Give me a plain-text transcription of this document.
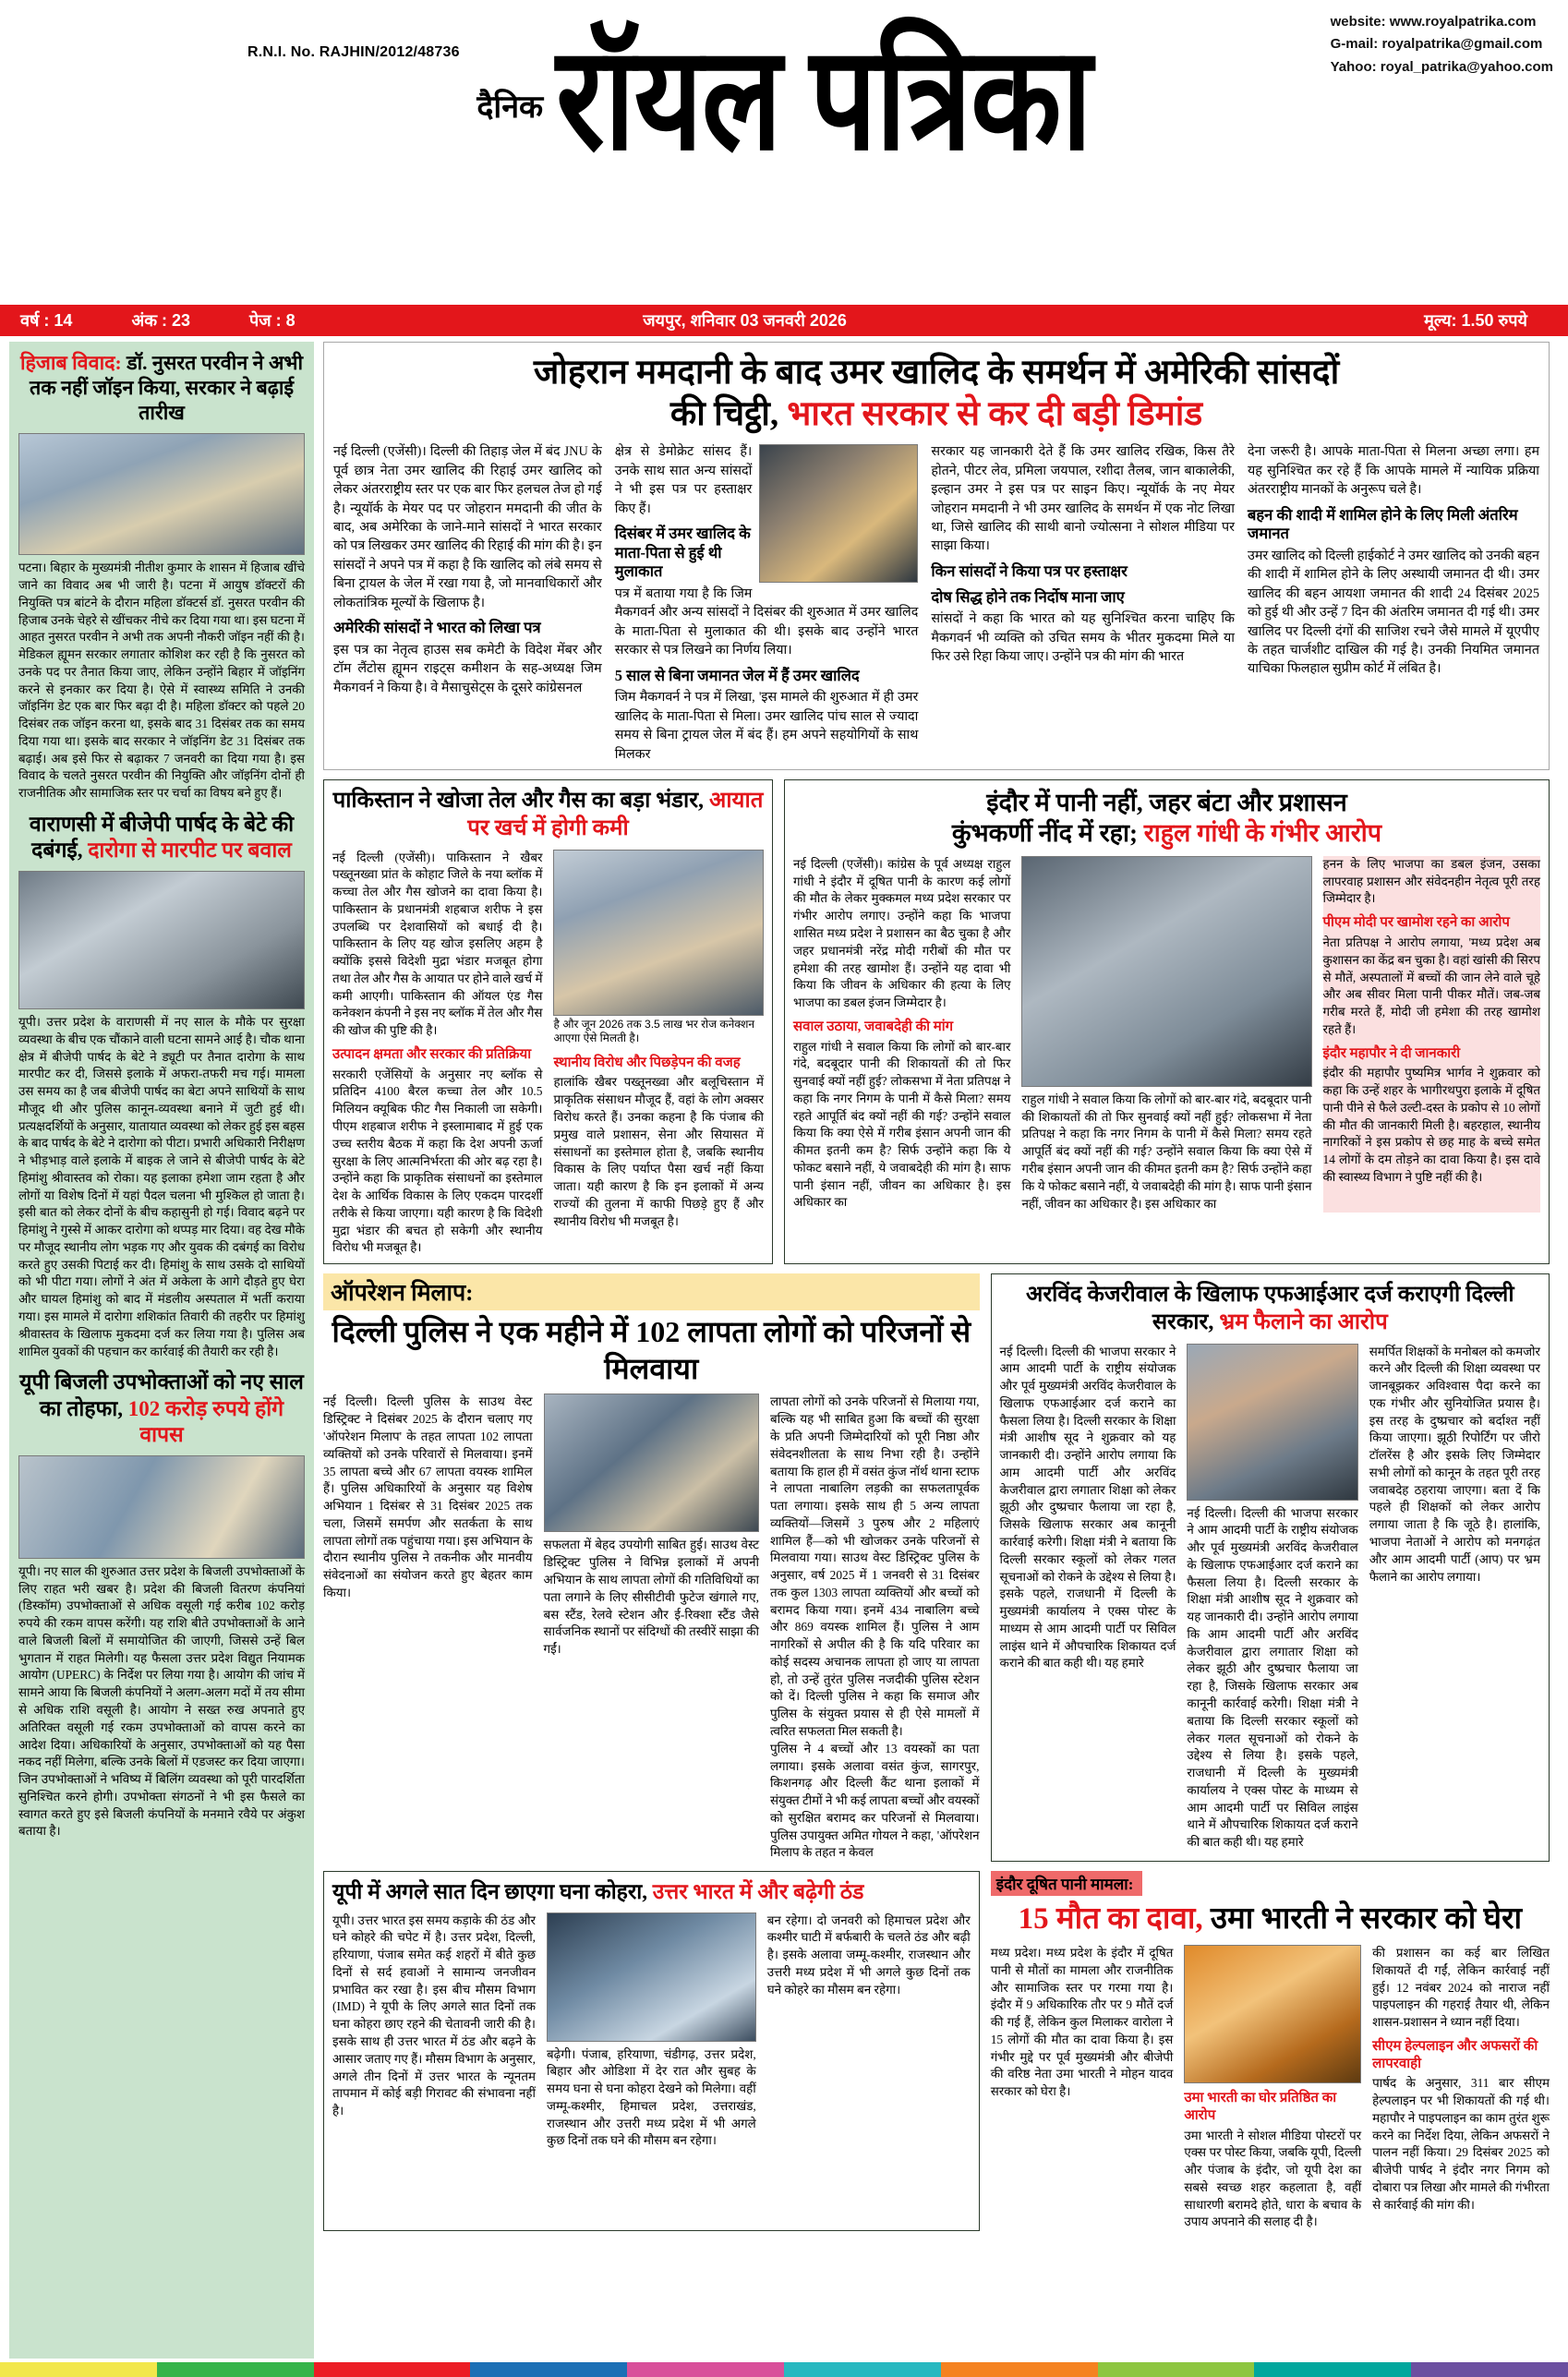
website: www.royalpatrika.com
G-mail: royalpatrika@gmail.com
Yahoo: royal_patrika@yahoo.com
R.N.I. No. RAJHIN/2012/48736
दैनिक रॉयल पत्रिका
वर्ष : 14	अंक : 23	पेज : 8	जयपुर, शनिवार 03 जनवरी 2026	मूल्य: 1.50 रुपये
हिजाब विवाद: डॉ. नुसरत परवीन ने अभी तक नहीं जॉइन किया, सरकार ने बढ़ाई तारीख
पटना। बिहार के मुख्यमंत्री नीतीश कुमार के शासन में हिजाब खींचे जाने का विवाद अब भी जारी है। पटना में आयुष डॉक्टरों की नियुक्ति पत्र बांटने के दौरान महिला डॉक्टर्स डॉ. नुसरत परवीन की हिजाब उनके चेहरे से खींचकर नीचे कर दिया गया था। इस घटना में आहत नुसरत परवीन ने अभी तक अपनी नौकरी जॉइन नहीं की है। मेडिकल ह्यूमन सरकार लगातार कोशिश कर रही है कि नुसरत को उनके पद पर तैनात किया जाए, लेकिन उन्होंने बिहार में जॉइनिंग करने से इनकार कर दिया है। ऐसे में स्वास्थ्य समिति ने उनकी जॉइनिंग डेट एक बार फिर बढ़ा दी है। महिला डॉक्टर को पहले 20 दिसंबर तक जॉइन करना था, इसके बाद 31 दिसंबर तक का समय दिया गया था। इसके बाद सरकार ने जॉइनिंग डेट 31 दिसंबर तक बढ़ाई। अब इसे फिर से बढ़ाकर 7 जनवरी का दिया गया है। इस विवाद के चलते नुसरत परवीन की नियुक्ति और जॉइनिंग दोनों ही राजनीतिक और सामाजिक स्तर पर चर्चा का विषय बने हुए हैं।
वाराणसी में बीजेपी पार्षद के बेटे की दबंगई, दारोगा से मारपीट पर बवाल
यूपी। उत्तर प्रदेश के वाराणसी में नए साल के मौके पर सुरक्षा व्यवस्था के बीच एक चौंकाने वाली घटना सामने आई है। चौक थाना क्षेत्र में बीजेपी पार्षद के बेटे ने ड्यूटी पर तैनात दारोगा के साथ मारपीट कर दी, जिससे इलाके में अफरा-तफरी मच गई। मामला उस समय का है जब बीजेपी पार्षद का बेटा अपने साथियों के साथ मौजूद थी और पुलिस कानून-व्यवस्था बनाने में जुटी हुई थी। प्रत्यक्षदर्शियों के अनुसार, यातायात व्यवस्था को लेकर हुई इस बहस के बाद पार्षद के बेटे ने दारोगा को पीटा। प्रभारी अधिकारी निरीक्षण ने भीड़भाड़ वाले इलाके में बाइक ले जाने से बीजेपी पार्षद के बेटे हिमांशु श्रीवास्तव को रोका। यह इलाका हमेशा जाम रहता है और लोगों या विशेष दिनों में यहां पैदल चलना भी मुश्किल हो जाता है। इसी बात को लेकर दोनों के बीच कहासुनी हो गई। विवाद बढ़ने पर हिमांशु ने गुस्से में आकर दारोगा को थप्पड़ मार दिया। वह देख मौके पर मौजूद स्थानीय लोग भड़क गए और युवक की दबंगई का विरोध करते हुए उसकी पिटाई कर दी। हिमांशु के साथ उसके दो साथियों को भी पीटा गया। लोगों ने अंत में अकेला के आगे दौड़ते हुए घेरा और घायल हिमांशु को बाद में मंडलीय अस्पताल में भर्ती कराया गया। इस मामले में दारोगा शशिकांत तिवारी की तहरीर पर हिमांशु श्रीवास्तव के खिलाफ मुकदमा दर्ज कर लिया गया है। पुलिस अब शामिल युवकों की पहचान कर कार्रवाई की तैयारी कर रही है।
यूपी बिजली उपभोक्ताओं को नए साल का तोहफा, 102 करोड़ रुपये होंगे वापस
यूपी। नए साल की शुरुआत उत्तर प्रदेश के बिजली उपभोक्ताओं के लिए राहत भरी खबर है। प्रदेश की बिजली वितरण कंपनियां (डिस्कॉम) उपभोक्ताओं से अधिक वसूली गई करीब 102 करोड़ रुपये की रकम वापस करेंगी। यह राशि बीते उपभोक्ताओं के आने वाले बिजली बिलों में समायोजित की जाएगी, जिससे उन्हें बिल भुगतान में राहत मिलेगी। यह फैसला उत्तर प्रदेश विद्युत नियामक आयोग (UPERC) के निर्देश पर लिया गया है। आयोग की जांच में सामने आया कि बिजली कंपनियों ने अलग-अलग मदों में तय सीमा से अधिक राशि वसूली है। आयोग ने सख्त रुख अपनाते हुए अतिरिक्त वसूली गई रकम उपभोक्ताओं को वापस करने का आदेश दिया। अधिकारियों के अनुसार, उपभोक्ताओं को यह पैसा नकद नहीं मिलेगा, बल्कि उनके बिलों में एडजस्ट कर दिया जाएगा। जिन उपभोक्ताओं ने भविष्य में बिलिंग व्यवस्था को पूरी पारदर्शिता सुनिश्चित करने होगी। उपभोक्ता संगठनों ने भी इस फैसले का स्वागत करते हुए इसे बिजली कंपनियों के मनमाने रवैये पर अंकुश बताया है।
जोहरान ममदानी के बाद उमर खालिद के समर्थन में अमेरिकी सांसदों
की चिट्ठी, भारत सरकार से कर दी बड़ी डिमांड
नई दिल्ली (एजेंसी)। दिल्ली की तिहाड़ जेल में बंद JNU के पूर्व छात्र नेता उमर खालिद की रिहाई उमर खालिद को लेकर अंतरराष्ट्रीय स्तर पर एक बार फिर हलचल तेज हो गई है। न्यूयॉर्क के मेयर पद पर जोहरान ममदानी की जीत के बाद, अब अमेरिका के जाने-माने सांसदों ने भारत सरकार को पत्र लिखकर उमर खालिद की रिहाई की मांग की है। इन सांसदों ने अपने पत्र में कहा है कि खालिद को लंबे समय से बिना ट्रायल के जेल में रखा गया है, जो मानवाधिकारों और लोकतांत्रिक मूल्यों के खिलाफ है।
अमेरिकी सांसदों ने भारत को लिखा पत्र
इस पत्र का नेतृत्व हाउस सब कमेटी के विदेश मेंबर और टॉम लैंटोस ह्यूमन राइट्स कमीशन के सह-अध्यक्ष जिम मैकगवर्न ने किया है। वे मैसाचुसेट्स के दूसरे कांग्रेसनल
क्षेत्र से डेमोक्रेट सांसद हैं। उनके साथ सात अन्य सांसदों ने भी इस पत्र पर हस्ताक्षर किए हैं।
दिसंबर में उमर खालिद के माता-पिता से हुई थी मुलाकात
पत्र में बताया गया है कि जिम मैकगवर्न और अन्य सांसदों ने दिसंबर की शुरुआत में उमर खालिद के माता-पिता से मुलाकात की थी। इसके बाद उन्होंने भारत सरकार से पत्र लिखने का निर्णय लिया।
5 साल से बिना जमानत जेल में हैं उमर खालिद
जिम मैकगवर्न ने पत्र में लिखा, 'इस मामले की शुरुआत में ही उमर खालिद के माता-पिता से मिला। उमर खालिद पांच साल से ज्यादा समय से बिना ट्रायल जेल में बंद हैं। हम अपने सहयोगियों के साथ मिलकर
सरकार यह जानकारी देते हैं कि उमर खालिद रखिक, किस तैरे होतने, पीटर लेव, प्रमिला जयपाल, रशीदा तैलब, जान बाकालेकी, इल्हान उमर ने इस पत्र पर साइन किए। न्यूयॉर्क के नए मेयर जोहरान ममदानी ने भी उमर खालिद के समर्थन में एक नोट लिखा था, जिसे खालिद की साथी बानो ज्योत्सना ने सोशल मीडिया पर साझा किया।
किन सांसदों ने किया पत्र पर हस्ताक्षर
दोष सिद्ध होने तक निर्दोष माना जाए
सांसदों ने कहा कि भारत को यह सुनिश्चित करना चाहिए कि मैकगवर्न भी व्यक्ति को उचित समय के भीतर मुकदमा मिले या फिर उसे रिहा किया जाए। उन्होंने पत्र की मांग की भारत
देना जरूरी है। आपके माता-पिता से मिलना अच्छा लगा। हम यह सुनिश्चित कर रहे हैं कि आपके मामले में न्यायिक प्रक्रिया अंतरराष्ट्रीय मानकों के अनुरूप चले है।
बहन की शादी में शामिल होने के लिए मिली अंतरिम जमानत
उमर खालिद को दिल्ली हाईकोर्ट ने उमर खालिद को उनकी बहन की शादी में शामिल होने के लिए अस्थायी जमानत दी थी। उमर खालिद की बहन आयशा जमानत की शादी 24 दिसंबर 2025 को हुई थी और उन्हें 7 दिन की अंतरिम जमानत दी गई थी। उमर खालिद पर दिल्ली दंगों की साजिश रचने जैसे मामले में यूएपीए के तहत चार्जशीट दाखिल की गई है। उनकी नियमित जमानत याचिका फिलहाल सुप्रीम कोर्ट में लंबित है।
पाकिस्तान ने खोजा तेल और गैस का बड़ा भंडार, आयात पर खर्च में होगी कमी
नई दिल्ली (एजेंसी)। पाकिस्तान ने खैबर पख्तूनख्वा प्रांत के कोहाट जिले के नया ब्लॉक में कच्चा तेल और गैस खोजने का दावा किया है। पाकिस्तान के प्रधानमंत्री शहबाज शरीफ ने इस उपलब्धि पर देशवासियों को बधाई दी है। पाकिस्तान के लिए यह खोज इसलिए अहम है क्योंकि इससे विदेशी मुद्रा भंडार मजबूत होगा तथा तेल और गैस के आयात पर होने वाले खर्च में कमी आएगी। पाकिस्तान की ऑयल एंड गैस कनेक्शन कंपनी ने इस नए ब्लॉक में तेल और गैस की खोज की पुष्टि की है।
उत्पादन क्षमता और सरकार की प्रतिक्रिया
सरकारी एजेंसियों के अनुसार नए ब्लॉक से प्रतिदिन 4100 बैरल कच्चा तेल और 10.5 मिलियन क्यूबिक फीट गैस निकाली जा सकेगी। पीएम शहबाज शरीफ ने इस्लामाबाद में हुई एक उच्च स्तरीय बैठक में कहा कि देश अपनी ऊर्जा सुरक्षा के लिए आत्मनिर्भरता की ओर बढ़ रहा है। उन्होंने कहा कि प्राकृतिक संसाधनों का इस्तेमाल देश के आर्थिक विकास के लिए एकदम पारदर्शी तरीके से किया जाएगा। यही कारण है कि विदेशी मुद्रा भंडार की बचत हो सकेगी और स्थानीय विरोध भी मजबूत है।
है और जून 2026 तक 3.5 लाख भर रोज कनेक्शन आएगा ऐसे मिलती है।
स्थानीय विरोध और पिछड़ेपन की वजह
हालांकि खैबर पख्तूनख्वा और बलूचिस्तान में प्राकृतिक संसाधन मौजूद हैं, वहां के लोग अक्सर विरोध करते हैं। उनका कहना है कि पंजाब की प्रमुख वाले प्रशासन, सेना और सियासत में संसाधनों का इस्तेमाल होता है, जबकि स्थानीय विकास के लिए पर्याप्त पैसा खर्च नहीं किया जाता। यही कारण है कि इन इलाकों में अन्य राज्यों की तुलना में काफी पिछड़े हुए हैं और स्थानीय विरोध भी मजबूत है।
इंदौर में पानी नहीं, जहर बंटा और प्रशासन
कुंभकर्णी नींद में रहा; राहुल गांधी के गंभीर आरोप
नई दिल्ली (एजेंसी)। कांग्रेस के पूर्व अध्यक्ष राहुल गांधी ने इंदौर में दूषित पानी के कारण कई लोगों की मौत के लेकर मुक्कमल मध्य प्रदेश सरकार पर गंभीर आरोप लगाए। उन्होंने कहा कि भाजपा शासित मध्य प्रदेश ने प्रशासन का बैठ चुका है और जहर प्रधानमंत्री नरेंद्र मोदी गरीबों की मौत पर हमेशा की तरह खामोश हैं। उन्होंने यह दावा भी किया कि जीवन के अधिकार की हत्या के लिए भाजपा का डबल इंजन जिम्मेदार है।
सवाल उठाया, जवाबदेही की मांग
राहुल गांधी ने सवाल किया कि लोगों को बार-बार गंदे, बदबूदार पानी की शिकायतों की तो फिर सुनवाई क्यों नहीं हुई? लोकसभा में नेता प्रतिपक्ष ने कहा कि नगर निगम के पानी में कैसे मिला? समय रहते आपूर्ति बंद क्यों नहीं की गई? उन्होंने सवाल किया कि क्या ऐसे में गरीब इंसान अपनी जान की कीमत इतनी कम है? सिर्फ उन्होंने कहा कि ये फोकट बसाने नहीं, ये जवाबदेही की मांग है। साफ पानी इंसान नहीं, जीवन का अधिकार है। इस अधिकार का
राहुल गांधी ने सवाल किया कि लोगों को बार-बार गंदे, बदबूदार पानी की शिकायतों की तो फिर सुनवाई क्यों नहीं हुई? लोकसभा में नेता प्रतिपक्ष ने कहा कि नगर निगम के पानी में कैसे मिला? समय रहते आपूर्ति बंद क्यों नहीं की गई? उन्होंने सवाल किया कि क्या ऐसे में गरीब इंसान अपनी जान की कीमत इतनी कम है? सिर्फ उन्होंने कहा कि ये फोकट बसाने नहीं, ये जवाबदेही की मांग है। साफ पानी इंसान नहीं, जीवन का अधिकार है। इस अधिकार का
हनन के लिए भाजपा का डबल इंजन, उसका लापरवाह प्रशासन और संवेदनहीन नेतृत्व पूरी तरह जिम्मेदार है।
पीएम मोदी पर खामोश रहने का आरोप
नेता प्रतिपक्ष ने आरोप लगाया, 'मध्य प्रदेश अब कुशासन का केंद्र बन चुका है। वहां खांसी की सिरप से मौतें, अस्पतालों में बच्चों की जान लेने वाले चूहे और अब सीवर मिला पानी पीकर मौतें। जब-जब गरीब मरते हैं, मोदी जी हमेशा की तरह खामोश रहते हैं।
इंदौर महापौर ने दी जानकारी
इंदौर की महापौर पुष्यमित्र भार्गव ने शुक्रवार को कहा कि उन्हें शहर के भागीरथपुरा इलाके में दूषित पानी पीने से फैले उल्टी-दस्त के प्रकोप से 10 लोगों की मौत की जानकारी मिली है। बहरहाल, स्थानीय नागरिकों ने इस प्रकोप से छह माह के बच्चे समेत 14 लोगों के दम तोड़ने का दावा किया है। इस दावे की स्वास्थ्य विभाग ने पुष्टि नहीं की है।
ऑपरेशन मिलाप:
दिल्ली पुलिस ने एक महीने में 102 लापता लोगों को परिजनों से मिलवाया
नई दिल्ली। दिल्ली पुलिस के साउथ वेस्ट डिस्ट्रिक्ट ने दिसंबर 2025 के दौरान चलाए गए 'ऑपरेशन मिलाप' के तहत लापता 102 लापता व्यक्तियों को उनके परिवारों से मिलवाया। इनमें 35 लापता बच्चे और 67 लापता वयस्क शामिल हैं। पुलिस अधिकारियों के अनुसार यह विशेष अभियान 1 दिसंबर से 31 दिसंबर 2025 तक चला, जिसमें समर्पण और सतर्कता के साथ लापता लोगों तक पहुंचाया गया। इस अभियान के दौरान स्थानीय पुलिस ने तकनीक और मानवीय संवेदनाओं का संयोजन करते हुए बेहतर काम किया।
सफलता में बेहद उपयोगी साबित हुई। साउथ वेस्ट डिस्ट्रिक्ट पुलिस ने विभिन्न इलाकों में अपनी अभियान के साथ लापता लोगों की गतिविधियों का पता लगाने के लिए सीसीटीवी फुटेज खंगाले गए, बस स्टैंड, रेलवे स्टेशन और ई-रिक्शा स्टैंड जैसे सार्वजनिक स्थानों पर संदिग्धों की तस्वीरें साझा की गईं।
लापता लोगों को उनके परिजनों से मिलाया गया, बल्कि यह भी साबित हुआ कि बच्चों की सुरक्षा के प्रति अपनी जिम्मेदारियों को पूरी निष्ठा और संवेदनशीलता के साथ निभा रही है। उन्होंने बताया कि हाल ही में वसंत कुंज नॉर्थ थाना स्टाफ ने लापता नाबालिग लड़की का सफलतापूर्वक पता लगाया। इसके साथ ही 5 अन्य लापता व्यक्तियों—जिसमें 3 पुरुष और 2 महिलाएं शामिल हैं—को भी खोजकर उनके परिजनों से मिलवाया गया। साउथ वेस्ट डिस्ट्रिक्ट पुलिस के अनुसार, वर्ष 2025 में 1 जनवरी से 31 दिसंबर तक कुल 1303 लापता व्यक्तियों और बच्चों को बरामद किया गया। इनमें 434 नाबालिग बच्चे और 869 वयस्क शामिल हैं। पुलिस ने आम नागरिकों से अपील की है कि यदि परिवार का कोई सदस्य अचानक लापता हो जाए या लापता हो, तो उन्हें तुरंत पुलिस नजदीकी पुलिस स्टेशन को दें। दिल्ली पुलिस ने कहा कि समाज और पुलिस के संयुक्त प्रयास से ही ऐसे मामलों में त्वरित सफलता मिल सकती है।
पुलिस ने 4 बच्चों और 13 वयस्कों का पता लगाया। इसके अलावा वसंत कुंज, सागरपुर, किशनगढ़ और दिल्ली कैंट थाना इलाकों में संयुक्त टीमों ने भी कई लापता बच्चों और वयस्कों को सुरक्षित बरामद कर परिजनों से मिलवाया। पुलिस उपायुक्त अमित गोयल ने कहा, 'ऑपरेशन मिलाप के तहत न केवल
अरविंद केजरीवाल के खिलाफ एफआईआर दर्ज कराएगी दिल्ली सरकार, भ्रम फैलाने का आरोप
नई दिल्ली। दिल्ली की भाजपा सरकार ने आम आदमी पार्टी के राष्ट्रीय संयोजक और पूर्व मुख्यमंत्री अरविंद केजरीवाल के खिलाफ एफआईआर दर्ज कराने का फैसला लिया है। दिल्ली सरकार के शिक्षा मंत्री आशीष सूद ने शुक्रवार को यह जानकारी दी। उन्होंने आरोप लगाया कि आम आदमी पार्टी और अरविंद केजरीवाल द्वारा लगातार शिक्षा को लेकर झूठी और दुष्प्रचार फैलाया जा रहा है, जिसके खिलाफ सरकार अब कानूनी कार्रवाई करेगी। शिक्षा मंत्री ने बताया कि दिल्ली सरकार स्कूलों को लेकर गलत सूचनाओं को रोकने के उद्देश्य से लिया है। इसके पहले, राजधानी में दिल्ली के मुख्यमंत्री कार्यालय ने एक्स पोस्ट के माध्यम से आम आदमी पार्टी पर सिविल लाइंस थाने में औपचारिक शिकायत दर्ज कराने की बात कही थी। यह हमारे
नई दिल्ली। दिल्ली की भाजपा सरकार ने आम आदमी पार्टी के राष्ट्रीय संयोजक और पूर्व मुख्यमंत्री अरविंद केजरीवाल के खिलाफ एफआईआर दर्ज कराने का फैसला लिया है। दिल्ली सरकार के शिक्षा मंत्री आशीष सूद ने शुक्रवार को यह जानकारी दी। उन्होंने आरोप लगाया कि आम आदमी पार्टी और अरविंद केजरीवाल द्वारा लगातार शिक्षा को लेकर झूठी और दुष्प्रचार फैलाया जा रहा है, जिसके खिलाफ सरकार अब कानूनी कार्रवाई करेगी। शिक्षा मंत्री ने बताया कि दिल्ली सरकार स्कूलों को लेकर गलत सूचनाओं को रोकने के उद्देश्य से लिया है। इसके पहले, राजधानी में दिल्ली के मुख्यमंत्री कार्यालय ने एक्स पोस्ट के माध्यम से आम आदमी पार्टी पर सिविल लाइंस थाने में औपचारिक शिकायत दर्ज कराने की बात कही थी। यह हमारे
समर्पित शिक्षकों के मनोबल को कमजोर करने और दिल्ली की शिक्षा व्यवस्था पर जानबूझकर अविश्वास पैदा करने का एक गंभीर और सुनियोजित प्रयास है। इस तरह के दुष्प्रचार को बर्दाश्त नहीं किया जाएगा। झूठी रिपोर्टिंग पर जीरो टॉलरेंस है और इसके लिए जिम्मेदार सभी लोगों को कानून के तहत पूरी तरह जवाबदेह ठहराया जाएगा। बता दें कि पहले ही शिक्षकों को लेकर आरोप लगाया जाता है कि जूठे है। हालांकि, भाजपा नेताओं ने आरोप को मनगढ़ंत और आम आदमी पार्टी (आप) पर भ्रम फैलाने का आरोप लगाया।
यूपी में अगले सात दिन छाएगा घना कोहरा, उत्तर भारत में और बढ़ेगी ठंड
यूपी। उत्तर भारत इस समय कड़ाके की ठंड और घने कोहरे की चपेट में है। उत्तर प्रदेश, दिल्ली, हरियाणा, पंजाब समेत कई शहरों में बीते कुछ दिनों से सर्द हवाओं ने सामान्य जनजीवन प्रभावित कर रखा है। इस बीच मौसम विभाग (IMD) ने यूपी के लिए अगले सात दिनों तक घना कोहरा छाए रहने की चेतावनी जारी की है। इसके साथ ही उत्तर भारत में ठंड और बढ़ने के आसार जताए गए हैं। मौसम विभाग के अनुसार, अगले तीन दिनों में उत्तर भारत के न्यूनतम तापमान में कोई बड़ी गिरावट की संभावना नहीं है।
बढ़ेगी। पंजाब, हरियाणा, चंडीगढ़, उत्तर प्रदेश, बिहार और ओडिशा में देर रात और सुबह के समय घना से घना कोहरा देखने को मिलेगा। वहीं जम्मू-कश्मीर, हिमाचल प्रदेश, उत्तराखंड, राजस्थान और उत्तरी मध्य प्रदेश में भी अगले कुछ दिनों तक घने की मौसम बन रहेगा।
बन रहेगा। दो जनवरी को हिमाचल प्रदेश और कश्मीर घाटी में बर्फबारी के चलते ठंड और बढ़ी है। इसके अलावा जम्मू-कश्मीर, राजस्थान और उत्तरी मध्य प्रदेश में भी अगले कुछ दिनों तक घने कोहरे का मौसम बन रहेगा।
इंदौर दूषित पानी मामला:
15 मौत का दावा, उमा भारती ने सरकार को घेरा
मध्य प्रदेश। मध्य प्रदेश के इंदौर में दूषित पानी से मौतों का मामला और राजनीतिक और सामाजिक स्तर पर गरमा गया है। इंदौर में 9 अधिकारिक तौर पर 9 मौतें दर्ज की गई हैं, लेकिन कुल मिलाकर वारोला ने 15 लोगों की मौत का दावा किया है। इस गंभीर मुद्दे पर पूर्व मुख्यमंत्री और बीजेपी की वरिष्ठ नेता उमा भारती ने मोहन यादव सरकार को घेरा है।	उमा भारती का घोर प्रतिष्ठित का आरोप
उमा भारती ने सोशल मीडिया पोस्टरों पर एक्स पर पोस्ट किया, जबकि यूपी, दिल्ली और पंजाब के इंदौर, जो यूपी देश का सबसे स्वच्छ शहर कहलाता है, वहीं साधारणी बरामदे होते, धारा के बचाव के उपाय अपनाने की सलाह दी है।
की प्रशासन का कई बार लिखित शिकायतें दी गईं, लेकिन कार्रवाई नहीं हुई। 12 नवंबर 2024 को नाराज नहीं पाइपलाइन की गहराई तैयार थी, लेकिन शासन-प्रशासन ने ध्यान नहीं दिया।
सीएम हेल्पलाइन और अफसरों की लापरवाही
पार्षद के अनुसार, 311 बार सीएम हेल्पलाइन पर भी शिकायतों की गई थी। महापौर ने पाइपलाइन का काम तुरंत शुरू करने का निर्देश दिया, लेकिन अफसरों ने पालन नहीं किया। 29 दिसंबर 2025 को बीजेपी पार्षद ने इंदौर नगर निगम को दोबारा पत्र लिखा और मामले की गंभीरता से कार्रवाई की मांग की।
